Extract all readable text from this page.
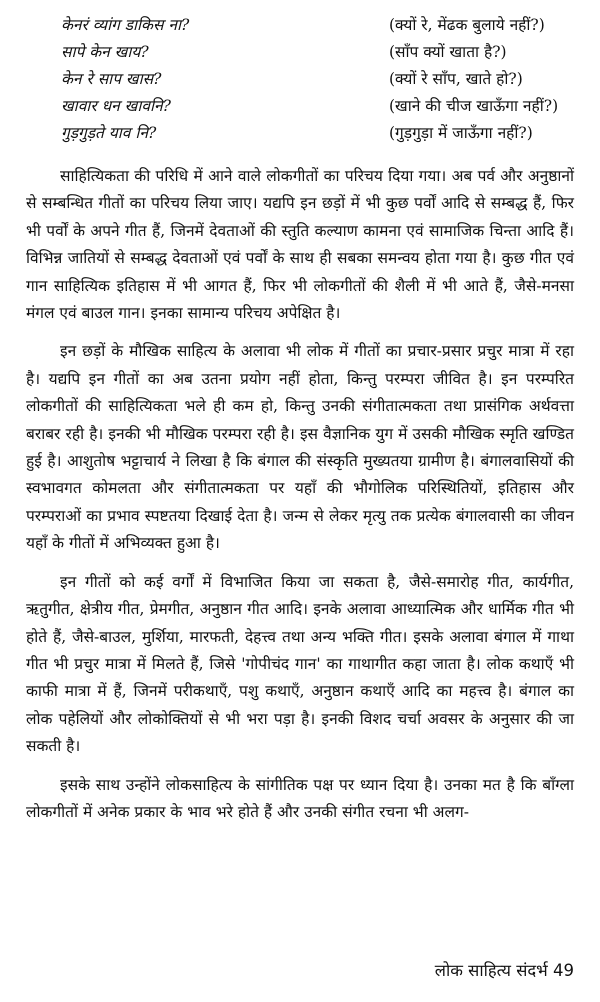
केनरं व्यांग डाकिस ना?	(क्यों रे, मेंढक बुलाये नहीं?)
सापे केन खाय?	(साँप क्यों खाता है?)
केन रे साप खास?	(क्यों रे साँप, खाते हो?)
खावार धन खावनि?	(खाने की चीज खाऊँगा नहीं?)
गुड़गुड़ते याव नि?	(गुड़गुड़ा में जाऊँगा नहीं?)

साहित्यिकता की परिधि में आने वाले लोकगीतों का परिचय दिया गया। अब पर्व और अनुष्ठानों से सम्बन्धित गीतों का परिचय लिया जाए। यद्यपि इन छड़ों में भी कुछ पर्वों आदि से सम्बद्ध हैं, फिर भी पर्वों के अपने गीत हैं, जिनमें देवताओं की स्तुति कल्याण कामना एवं सामाजिक चिन्ता आदि हैं। विभिन्न जातियों से सम्बद्ध देवताओं एवं पर्वों के साथ ही सबका समन्वय होता गया है। कुछ गीत एवं गान साहित्यिक इतिहास में भी आगत हैं, फिर भी लोकगीतों की शैली में भी आते हैं, जैसे-मनसा मंगल एवं बाउल गान। इनका सामान्य परिचय अपेक्षित है।

इन छड़ों के मौखिक साहित्य के अलावा भी लोक में गीतों का प्रचार-प्रसार प्रचुर मात्रा में रहा है। यद्यपि इन गीतों का अब उतना प्रयोग नहीं होता, किन्तु परम्परा जीवित है। इन परम्परित लोकगीतों की साहित्यिकता भले ही कम हो, किन्तु उनकी संगीतात्मकता तथा प्रासंगिक अर्थवत्ता बराबर रही है। इनकी भी मौखिक परम्परा रही है। इस वैज्ञानिक युग में उसकी मौखिक स्मृति खण्डित हुई है। आशुतोष भट्टाचार्य ने लिखा है कि बंगाल की संस्कृति मुख्यतया ग्रामीण है। बंगालवासियों की स्वभावगत कोमलता और संगीतात्मकता पर यहाँ की भौगोलिक परिस्थितियों, इतिहास और परम्पराओं का प्रभाव स्पष्टतया दिखाई देता है। जन्म से लेकर मृत्यु तक प्रत्येक बंगालवासी का जीवन यहाँ के गीतों में अभिव्यक्त हुआ है।

इन गीतों को कई वर्गों में विभाजित किया जा सकता है, जैसे-समारोह गीत, कार्यगीत, ऋतुगीत, क्षेत्रीय गीत, प्रेमगीत, अनुष्ठान गीत आदि। इनके अलावा आध्यात्मिक और धार्मिक गीत भी होते हैं, जैसे-बाउल, मुर्शिया, मारफती, देहत्त्व तथा अन्य भक्ति गीत। इसके अलावा बंगाल में गाथा गीत भी प्रचुर मात्रा में मिलते हैं, जिसे 'गोपीचंद गान' का गाथागीत कहा जाता है। लोक कथाएँ भी काफी मात्रा में हैं, जिनमें परीकथाएँ, पशु कथाएँ, अनुष्ठान कथाएँ आदि का महत्त्व है। बंगाल का लोक पहेलियों और लोकोक्तियों से भी भरा पड़ा है। इनकी विशद चर्चा अवसर के अनुसार की जा सकती है।

इसके साथ उन्होंने लोकसाहित्य के सांगीतिक पक्ष पर ध्यान दिया है। उनका मत है कि बाँग्ला लोकगीतों में अनेक प्रकार के भाव भरे होते हैं और उनकी संगीत रचना भी अलग-

लोक साहित्य संदर्भ 49
